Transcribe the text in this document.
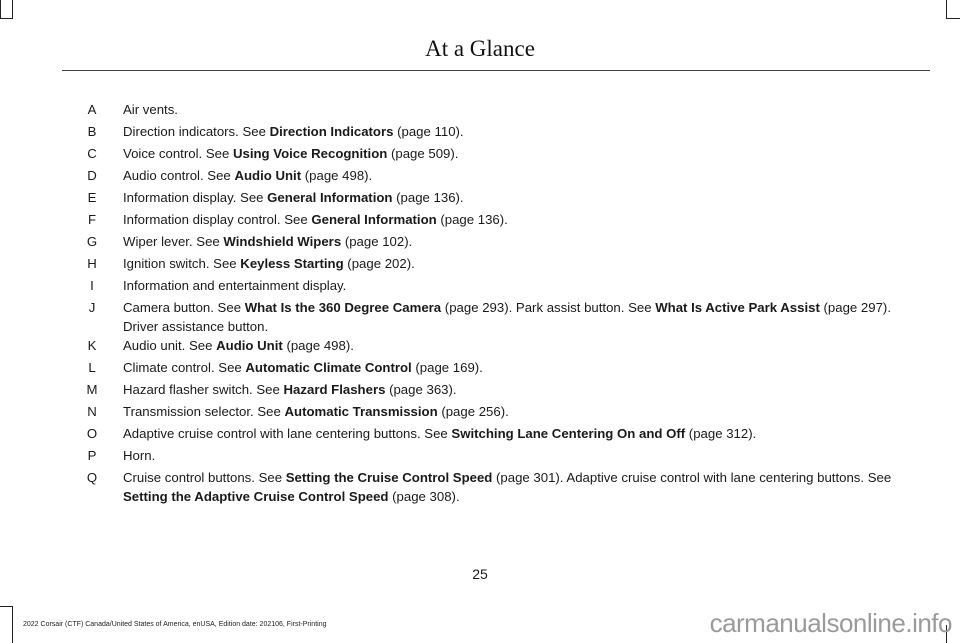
At a Glance
A Air vents.
B Direction indicators. See Direction Indicators (page 110).
C Voice control. See Using Voice Recognition (page 509).
D Audio control. See Audio Unit (page 498).
E Information display. See General Information (page 136).
F Information display control. See General Information (page 136).
G Wiper lever. See Windshield Wipers (page 102).
H Ignition switch. See Keyless Starting (page 202).
I	Information and entertainment display.
J Camera button. See What Is the 360 Degree Camera (page 293). Park assist button. See What Is Active Park Assist (page 297).
Driver assistance button.
K Audio unit. See Audio Unit (page 498).
L Climate control. See Automatic Climate Control (page 169).
M Hazard flasher switch. See Hazard Flashers (page 363).
N Transmission selector. See Automatic Transmission (page 256).
O Adaptive cruise control with lane centering buttons. See Switching Lane Centering On and Off (page 312).
P Horn.
Q Cruise control buttons. See Setting the Cruise Control Speed (page 301). Adaptive cruise control with lane centering buttons. See
Setting the Adaptive Cruise Control Speed (page 308).
25
2022 Corsair (CTF) Canada/United States of America, enUSA, Edition date: 202106, First-Printing	carmanualsonline.info
